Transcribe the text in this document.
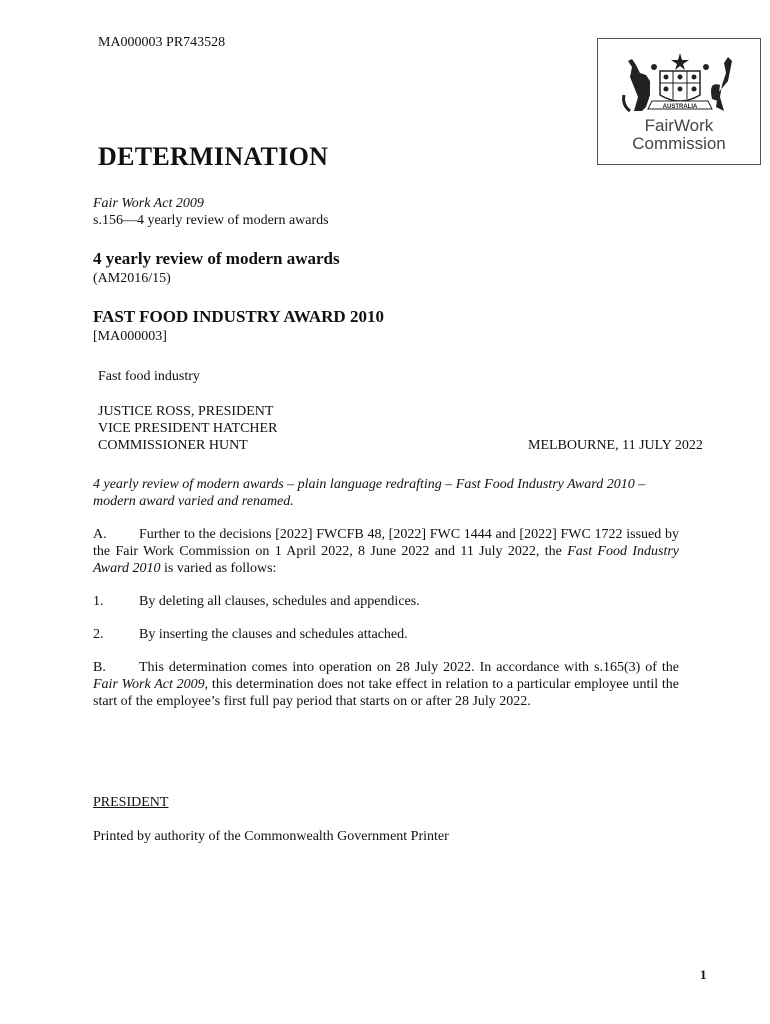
MA000003 PR743528
AUSTRALIA
FairWork
Commission
DETERMINATION
Fair Work Act 2009
s.156—4 yearly review of modern awards
4 yearly review of modern awards
(AM2016/15)
FAST FOOD INDUSTRY AWARD 2010
[MA000003]
Fast food industry
JUSTICE ROSS, PRESIDENT
VICE PRESIDENT HATCHER
COMMISSIONER HUNT	MELBOURNE, 11 JULY 2022
4 yearly review of modern awards – plain language redrafting – Fast Food Industry Award 2010 – modern award varied and renamed.
A. Further to the decisions [2022] FWCFB 48, [2022] FWC 1444 and [2022] FWC 1722 issued by the Fair Work Commission on 1 April 2022, 8 June 2022 and 11 July 2022, the Fast Food Industry Award 2010 is varied as follows:
1.	By deleting all clauses, schedules and appendices.
2.	By inserting the clauses and schedules attached.
B. This determination comes into operation on 28 July 2022. In accordance with s.165(3) of the Fair Work Act 2009, this determination does not take effect in relation to a particular employee until the start of the employee’s first full pay period that starts on or after 28 July 2022.
PRESIDENT
Printed by authority of the Commonwealth Government Printer
1
